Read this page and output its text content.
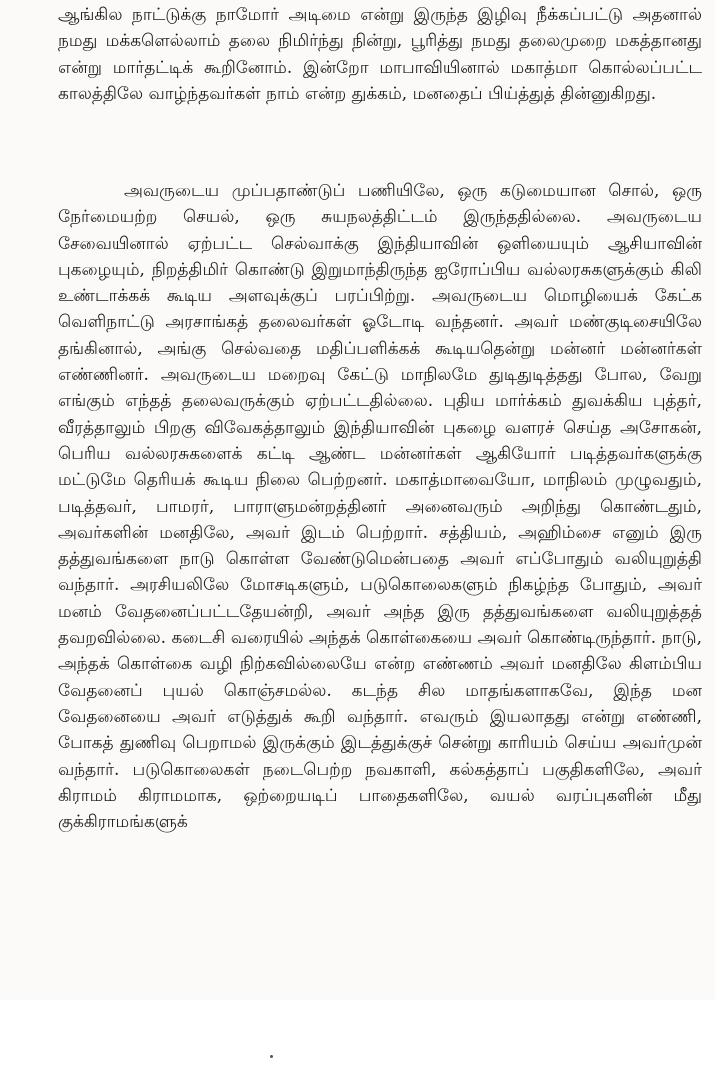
ஆங்கில நாட்டுக்கு நாமோர் அடிமை என்று இருந்த இழிவு நீக்கப்பட்டு அதனால் நமது மக்களெல்லாம் தலை நிமிர்ந்து நின்று, பூரித்து நமது தலைமுறை மகத்தானது என்று மார்தட்டிக் கூறினோம். இன்றோ மாபாவியினால் மகாத்மா கொல்லப்பட்ட காலத்திலே வாழ்ந்தவர்கள் நாம் என்ற துக்கம், மனதைப் பிய்த்துத் தின்னுகிறது.

அவருடைய முப்பதாண்டுப் பணியிலே, ஒரு கடுமையான சொல், ஒரு நேர்மையற்ற செயல், ஒரு சுயநலத்திட்டம் இருந்ததில்லை. அவருடைய சேவையினால் ஏற்பட்ட செல்வாக்கு இந்தியாவின் ஒளியையும் ஆசியாவின் புகழையும், நிறத்திமிர் கொண்டு இறுமாந்திருந்த ஐரோப்பிய வல்லரசுகளுக்கும் கிலி உண்டாக்கக் கூடிய அளவுக்குப் பரப்பிற்று. அவருடைய மொழியைக் கேட்க வெளிநாட்டு அரசாங்கத் தலைவர்கள் ஓடோடி வந்தனர். அவர் மண்குடிசையிலே தங்கினால், அங்கு செல்வதை மதிப்பளிக்கக் கூடியதென்று மன்னர் மன்னர்கள் எண்ணினர். அவருடைய மறைவு கேட்டு மாநிலமே துடிதுடித்தது போல, வேறு எங்கும் எந்தத் தலைவருக்கும் ஏற்பட்டதில்லை. புதிய மார்க்கம் துவக்கிய புத்தர், வீரத்தாலும் பிறகு விவேகத்தாலும் இந்தியாவின் புகழை வளரச் செய்த அசோகன், பெரிய வல்லரசுகளைக் கட்டி ஆண்ட மன்னர்கள் ஆகியோர் படித்தவர்களுக்கு மட்டுமே தெரியக் கூடிய நிலை பெற்றனர். மகாத்மாவையோ, மாநிலம் முழுவதும், படித்தவர், பாமரர், பாராளுமன்றத்தினர் அனைவரும் அறிந்து கொண்டதும், அவர்களின் மனதிலே, அவர் இடம் பெற்றார். சத்தியம், அஹிம்சை எனும் இரு தத்துவங்களை நாடு கொள்ள வேண்டுமென்பதை அவர் எப்போதும் வலியுறுத்தி வந்தார். அரசியலிலே மோசடிகளும், படுகொலைகளும் நிகழ்ந்த போதும், அவர் மனம் வேதனைப்பட்டதேயன்றி, அவர் அந்த இரு தத்துவங்களை வலியுறுத்தத் தவறவில்லை. கடைசி வரையில் அந்தக் கொள்கையை அவர் கொண்டிருந்தார். நாடு, அந்தக் கொள்கை வழி நிற்கவில்லையே என்ற எண்ணம் அவர் மனதிலே கிளம்பிய வேதனைப் புயல் கொஞ்சமல்ல. கடந்த சில மாதங்களாகவே, இந்த மன வேதனையை அவர் எடுத்துக் கூறி வந்தார். எவரும் இயலாதது என்று எண்ணி, போகத் துணிவு பெறாமல் இருக்கும் இடத்துக்குச் சென்று காரியம் செய்ய அவர்முன் வந்தார். படுகொலைகள் நடைபெற்ற நவகாளி, கல்கத்தாப் பகுதிகளிலே, அவர் கிராமம் கிராமமாக, ஒற்றையடிப் பாதைகளிலே, வயல் வரப்புகளின் மீது குக்கிராமங்களுக்
